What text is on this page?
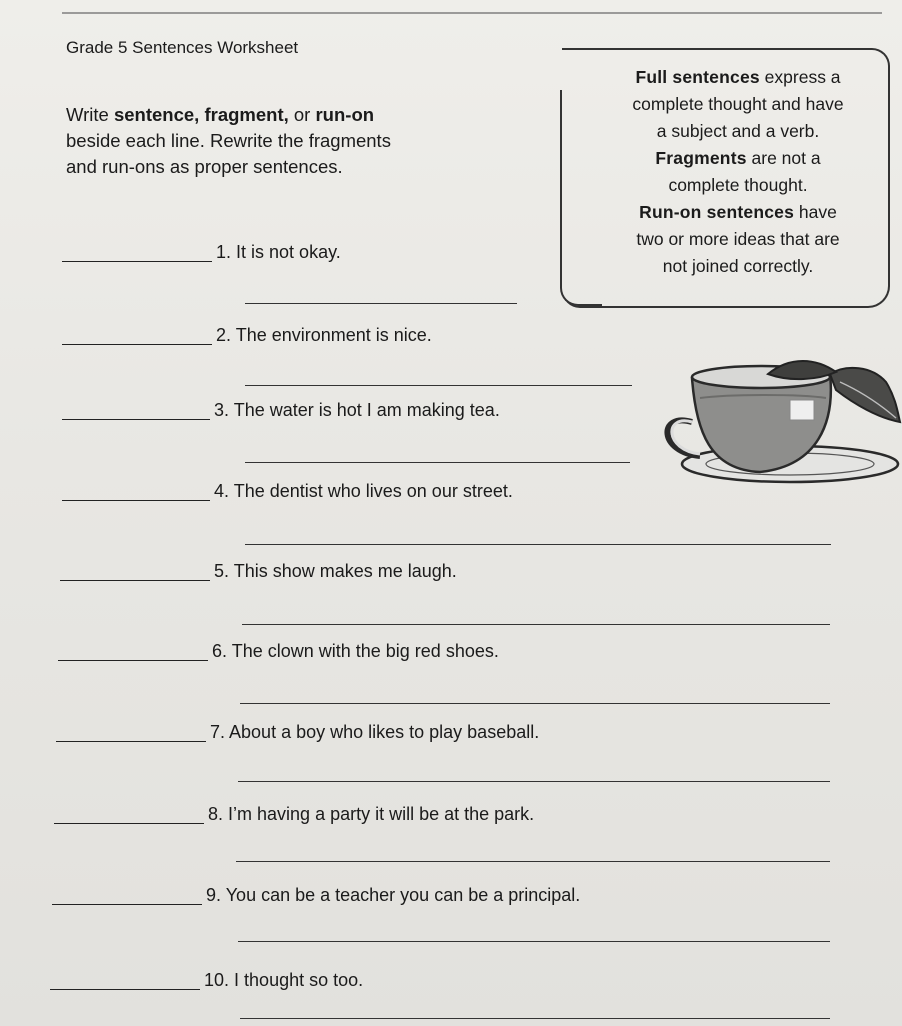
Grade 5 Sentences Worksheet
Write sentence, fragment, or run-on
beside each line. Rewrite the fragments
and run-ons as proper sentences.

Full sentences express a

complete thought and have

a subject and a verb.

Fragments are not a

complete thought.

Run-on sentences have

two or more ideas that are

not joined correctly.

1. It is not okay.
2. The environment is nice.
3. The water is hot I am making tea.
4. The dentist who lives on our street.
5. This show makes me laugh.
6. The clown with the big red shoes.
7. About a boy who likes to play baseball.
8. I’m having a party it will be at the park.
9. You can be a teacher you can be a principal.
10. I thought so too.
